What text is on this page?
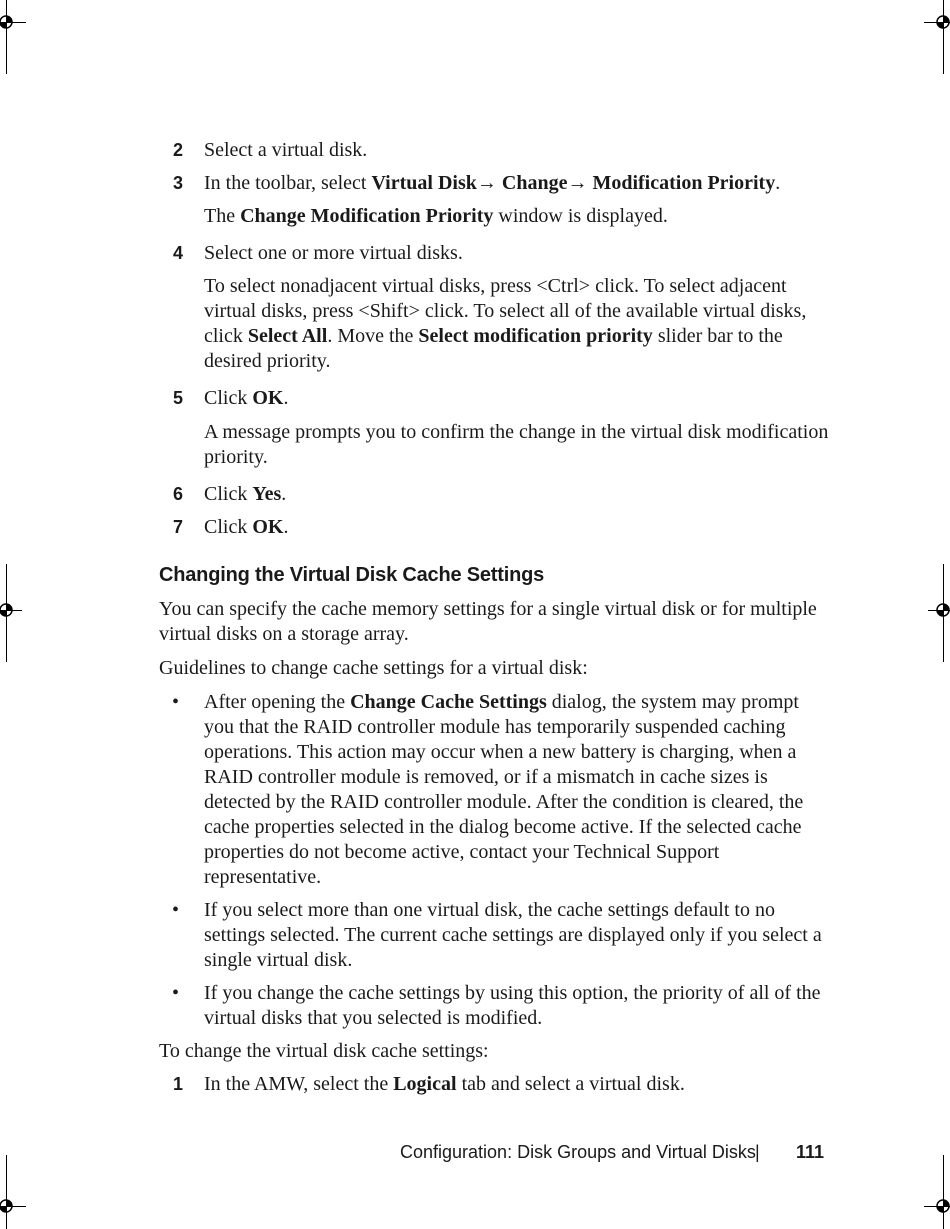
2 Select a virtual disk.
3 In the toolbar, select Virtual Disk→ Change→ Modification Priority.
The Change Modification Priority window is displayed.
4 Select one or more virtual disks.
To select nonadjacent virtual disks, press <Ctrl> click. To select adjacent virtual disks, press <Shift> click. To select all of the available virtual disks, click Select All. Move the Select modification priority slider bar to the desired priority.
5 Click OK.
A message prompts you to confirm the change in the virtual disk modification priority.
6 Click Yes.
7 Click OK.
Changing the Virtual Disk Cache Settings

You can specify the cache memory settings for a single virtual disk or for multiple virtual disks on a storage array.

Guidelines to change cache settings for a virtual disk:

• After opening the Change Cache Settings dialog, the system may prompt you that the RAID controller module has temporarily suspended caching operations. This action may occur when a new battery is charging, when a RAID controller module is removed, or if a mismatch in cache sizes is detected by the RAID controller module. After the condition is cleared, the cache properties selected in the dialog become active. If the selected cache properties do not become active, contact your Technical Support representative.
• If you select more than one virtual disk, the cache settings default to no settings selected. The current cache settings are displayed only if you select a single virtual disk.
• If you change the cache settings by using this option, the priority of all of the virtual disks that you selected is modified.

To change the virtual disk cache settings:

1 In the AMW, select the Logical tab and select a virtual disk.
Configuration: Disk Groups and Virtual Disks | 111
